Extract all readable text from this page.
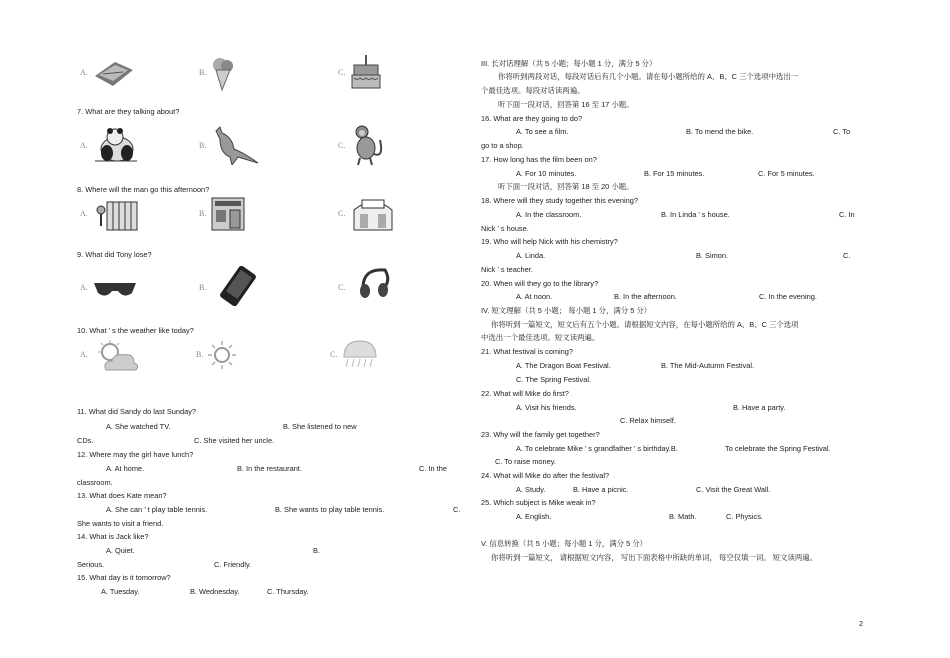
A.	B.	C.
7. What are they talking about?
A.	B.	C.
8. Where will the man go this afternoon?
A.	B.	C.
9. What did Tony lose?
A.	B.	C.
10. What ’ s the weather like today?
A.	B.	C.
11. What did Sandy do last Sunday?
A. She watched TV.	B. She listened to new
CDs.	C. She visited her uncle.
12. Where may the girl have lunch?
A. At home.	B. In the restaurant.	C. In the
classroom.
13. What does Kate mean?
A. She can ’ t play table tennis.	B. She wants to play table tennis.	C.
She wants to visit a friend.
14. What is Jack like?
A. Quiet.	B.
Serious.	C. Friendly.
15. What day is it tomorrow?
A. Tuesday.	B. Wednesday.	C. Thursday.
III. 长对话理解（共 5 小题；每小题 1 分，满分 5 分）
你将听到两段对话，每段对话后有几个小题。请在每小题所给的 A、B、C 三个选项中选出一
个最佳选项。每段对话读两遍。
听下面一段对话，回答第 16 至 17 小题。
16. What are they going to do?
A. To see a film.	B. To mend the bike.	C. To
go to a shop.
17. How long has the film been on?
A. For 10 minutes.	B. For 15 minutes.	C. For 5 minutes.
听下面一段对话，回答第 18 至 20 小题。
18. Where will they study together this evening?
A. In the classroom.	B. In Linda ’ s house.	C. In
Nick ’ s house.
19. Who will help Nick with his chemistry?
A. Linda.	B. Simon.	C.
Nick ’ s teacher.
20. When will they go to the library?
A. At noon.	B. In the afternoon.	C. In the evening.
IV. 短文理解（共 5 小题； 每小题 1 分，满分 5 分）
你将听到一篇短文，短文后有五个小题。请根据短文内容，在每小题所给的 A、B、C 三个选项
中选出一个最佳选项。短文读两遍。
21. What festival is coming?
A. The Dragon Boat Festival.	B. The Mid-Autumn Festival.
C. The Spring Festival.
22. What will Mike do first?
A. Visit his friends.	B. Have a party.
C. Relax himself.
23. Why will the family get together?
A. To celebrate Mike ’ s grandfather ’ s birthday.B.	To celebrate the Spring Festival.
C. To raise money.
24. What will Mike do after the festival?
A. Study.	B. Have a picnic.	C. Visit the Great Wall.
25. Which subject is Mike weak in?
A. English.	B. Math.	C. Physics.
V. 信息转换（共 5 小题；每小题 1 分，满分 5 分）
你将听到一篇短文， 请根据短文内容， 写出下面表格中所缺的单词， 每空仅填一词。 短文读两遍。
2
